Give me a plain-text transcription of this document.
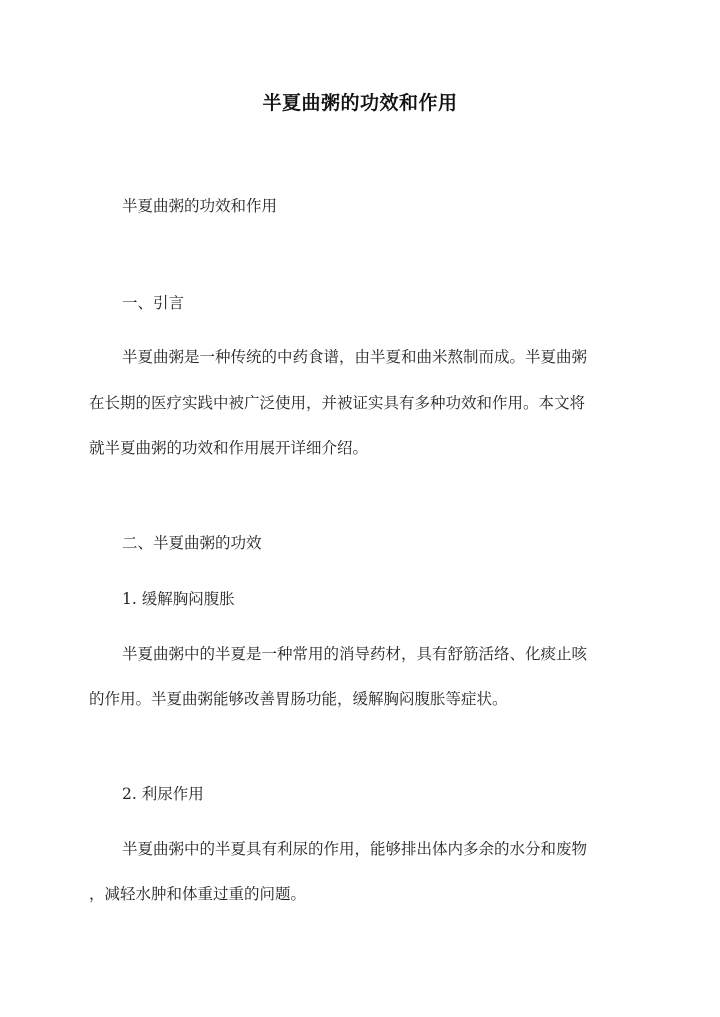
半夏曲粥的功效和作用
半夏曲粥的功效和作用
一、引言
半夏曲粥是一种传统的中药食谱，由半夏和曲米熬制而成。半夏曲粥
在长期的医疗实践中被广泛使用，并被证实具有多种功效和作用。本文将
就半夏曲粥的功效和作用展开详细介绍。
二、半夏曲粥的功效
1. 缓解胸闷腹胀
半夏曲粥中的半夏是一种常用的消导药材，具有舒筋活络、化痰止咳
的作用。半夏曲粥能够改善胃肠功能，缓解胸闷腹胀等症状。
2. 利尿作用
半夏曲粥中的半夏具有利尿的作用，能够排出体内多余的水分和废物
，减轻水肿和体重过重的问题。
